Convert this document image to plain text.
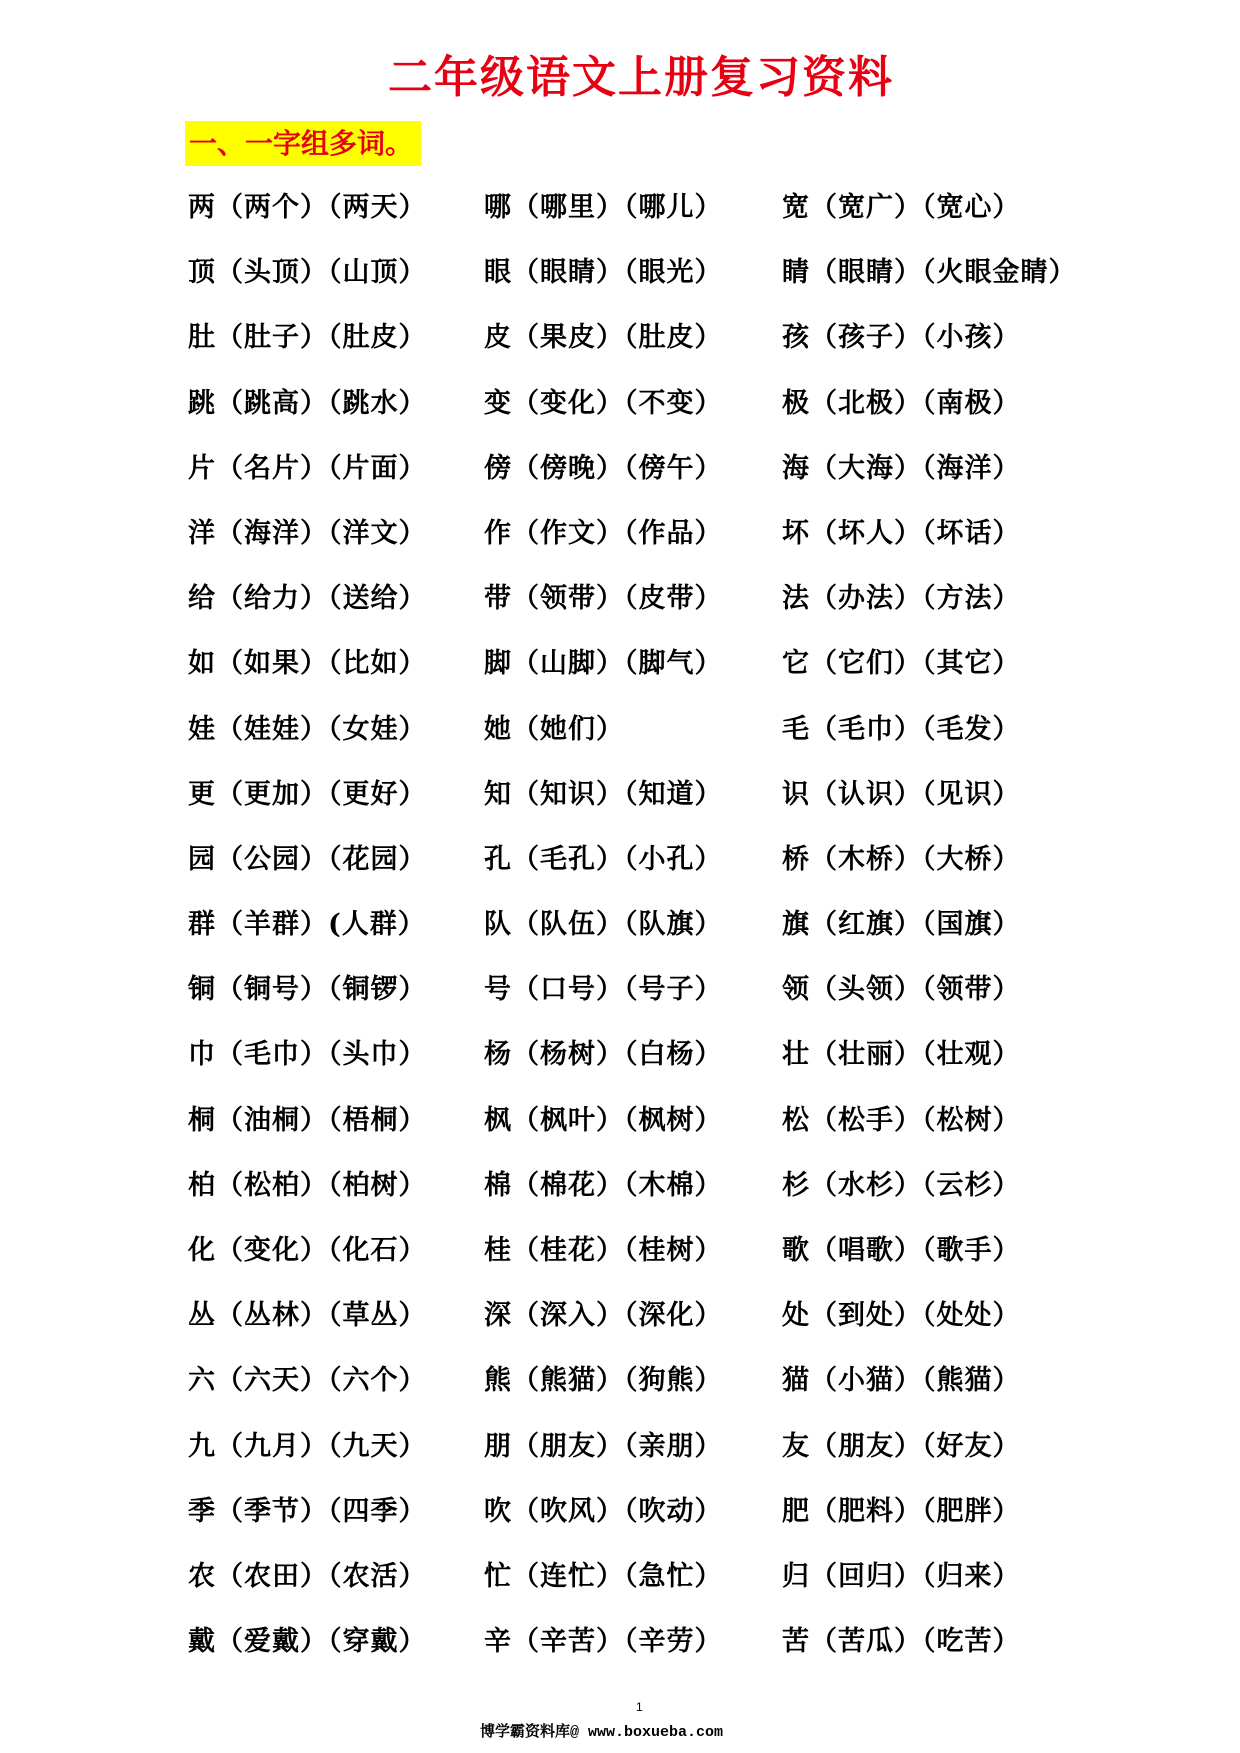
二年级语文上册复习资料
一、一字组多词。
两（两个）（两天） 哪（哪里）（哪儿） 宽（宽广）（宽心）
顶（头顶）（山顶） 眼（眼睛）（眼光） 睛（眼睛）（火眼金睛）
肚（肚子）（肚皮） 皮（果皮）（肚皮） 孩（孩子）（小孩）
跳（跳高）（跳水） 变（变化）（不变） 极（北极）（南极）
片（名片）（片面） 傍（傍晚）（傍午） 海（大海）（海洋）
洋（海洋）（洋文） 作（作文）（作品） 坏（坏人）（坏话）
给（给力）（送给） 带（领带）（皮带） 法（办法）（方法）
如（如果）（比如） 脚（山脚）（脚气） 它（它们）（其它）
娃（娃娃）（女娃） 她（她们）	毛（毛巾）（毛发）
更（更加）（更好） 知（知识）（知道） 识（认识）（见识）
园（公园）（花园） 孔（毛孔）（小孔） 桥（木桥）（大桥）
群（羊群）(人群） 队（队伍）（队旗） 旗（红旗）（国旗）
铜（铜号）（铜锣） 号（口号）（号子） 领（头领）（领带）
巾（毛巾）（头巾） 杨（杨树）（白杨） 壮（壮丽）（壮观）
桐（油桐）（梧桐） 枫（枫叶）（枫树） 松（松手）（松树）
柏（松柏）（柏树） 棉（棉花）（木棉） 杉（水杉）（云杉）
化（变化）（化石） 桂（桂花）（桂树） 歌（唱歌）（歌手）
丛（丛林）（草丛） 深（深入）（深化） 处（到处）（处处）
六（六天）（六个） 熊（熊猫）（狗熊） 猫（小猫）（熊猫）
九（九月）（九天） 朋（朋友）（亲朋） 友（朋友）（好友）
季（季节）（四季） 吹（吹风）（吹动） 肥（肥料）（肥胖）
农（农田）（农活） 忙（连忙）（急忙） 归（回归）（归来）
戴（爱戴）（穿戴） 辛（辛苦）（辛劳） 苦（苦瓜）（吃苦）
1
博学霸资料库@ www.boxueba.com
